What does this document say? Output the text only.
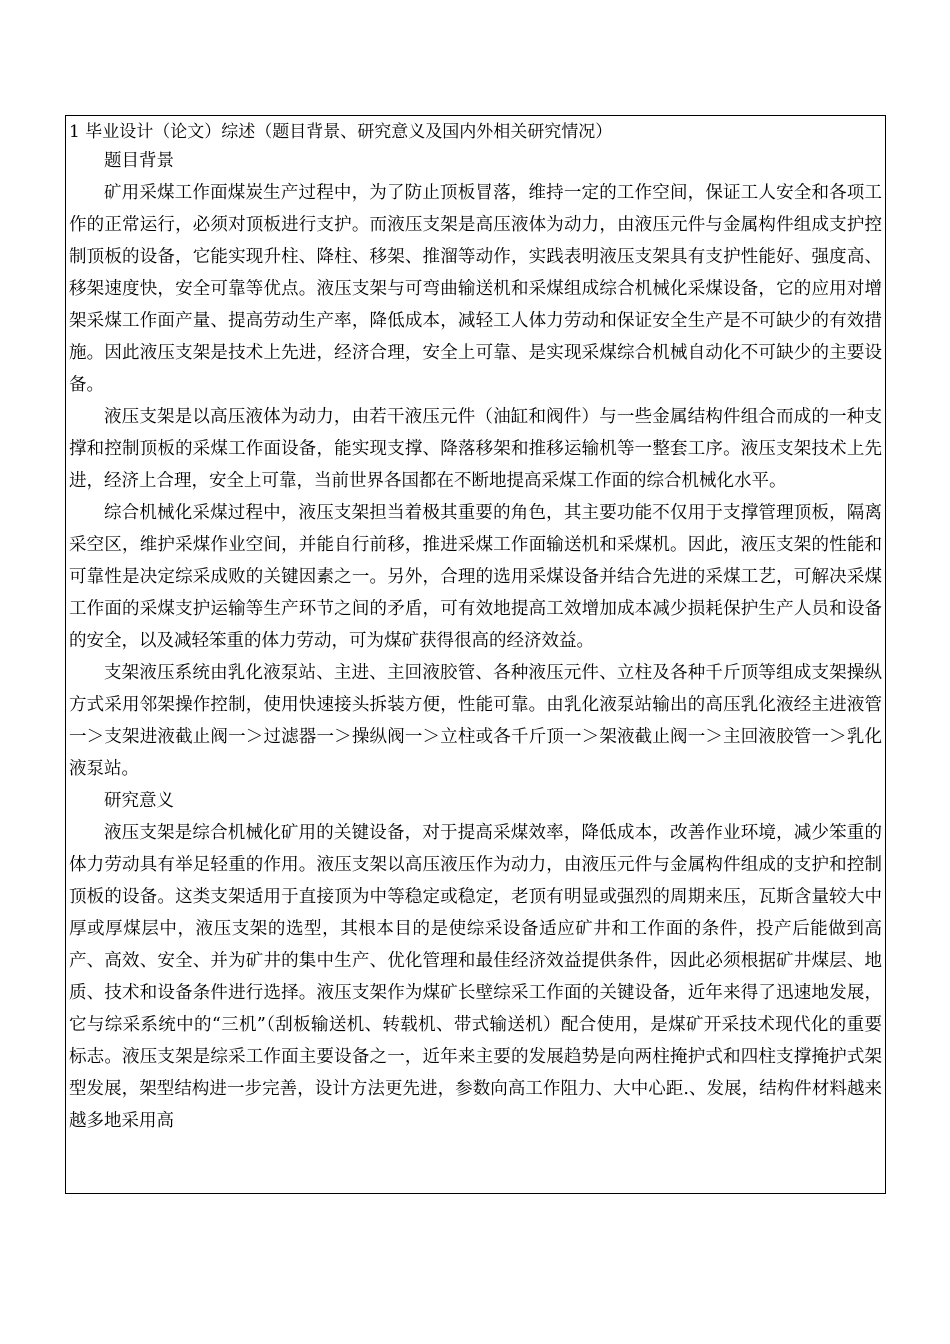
1 毕业设计（论文）综述（题目背景、研究意义及国内外相关研究情况）

题目背景

矿用采煤工作面煤炭生产过程中，为了防止顶板冒落，维持一定的工作空间，保证工人安全和各项工作的正常运行，必须对顶板进行支护。而液压支架是高压液体为动力，由液压元件与金属构件组成支护控制顶板的设备，它能实现升柱、降柱、移架、推溜等动作，实践表明液压支架具有支护性能好、强度高、移架速度快，安全可靠等优点。液压支架与可弯曲输送机和采煤组成综合机械化采煤设备，它的应用对增架采煤工作面产量、提高劳动生产率，降低成本，减轻工人体力劳动和保证安全生产是不可缺少的有效措施。因此液压支架是技术上先进，经济合理，安全上可靠、是实现采煤综合机械自动化不可缺少的主要设备。

液压支架是以高压液体为动力，由若干液压元件（油缸和阀件）与一些金属结构件组合而成的一种支撑和控制顶板的采煤工作面设备，能实现支撑、降落移架和推移运输机等一整套工序。液压支架技术上先进，经济上合理，安全上可靠，当前世界各国都在不断地提高采煤工作面的综合机械化水平。

综合机械化采煤过程中，液压支架担当着极其重要的角色，其主要功能不仅用于支撑管理顶板，隔离采空区，维护采煤作业空间，并能自行前移，推进采煤工作面输送机和采煤机。因此，液压支架的性能和可靠性是决定综采成败的关键因素之一。另外，合理的选用采煤设备并结合先进的采煤工艺，可解决采煤工作面的采煤支护运输等生产环节之间的矛盾，可有效地提高工效增加成本减少损耗保护生产人员和设备的安全，以及减轻笨重的体力劳动，可为煤矿获得很高的经济效益。

支架液压系统由乳化液泵站、主进、主回液胶管、各种液压元件、立柱及各种千斤顶等组成支架操纵方式采用邻架操作控制，使用快速接头拆装方便，性能可靠。由乳化液泵站输出的高压乳化液经主进液管一＞支架进液截止阀一＞过滤器一＞操纵阀一＞立柱或各千斤顶一＞架液截止阀一＞主回液胶管一＞乳化液泵站。

研究意义

液压支架是综合机械化矿用的关键设备，对于提高采煤效率，降低成本，改善作业环境，减少笨重的体力劳动具有举足轻重的作用。液压支架以高压液压作为动力，由液压元件与金属构件组成的支护和控制顶板的设备。这类支架适用于直接顶为中等稳定或稳定，老顶有明显或强烈的周期来压，瓦斯含量较大中厚或厚煤层中，液压支架的选型，其根本目的是使综采设备适应矿井和工作面的条件，投产后能做到高产、高效、安全、并为矿井的集中生产、优化管理和最佳经济效益提供条件，因此必须根据矿井煤层、地质、技术和设备条件进行选择。液压支架作为煤矿长壁综采工作面的关键设备，近年来得了迅速地发展，它与综采系统中的“三机”（刮板输送机、转载机、带式输送机）配合使用，是煤矿开采技术现代化的重要标志。液压支架是综采工作面主要设备之一，近年来主要的发展趋势是向两柱掩护式和四柱支撑掩护式架型发展，架型结构进一步完善，设计方法更先进，参数向高工作阻力、大中心距.、发展，结构件材料越来越多地采用高
